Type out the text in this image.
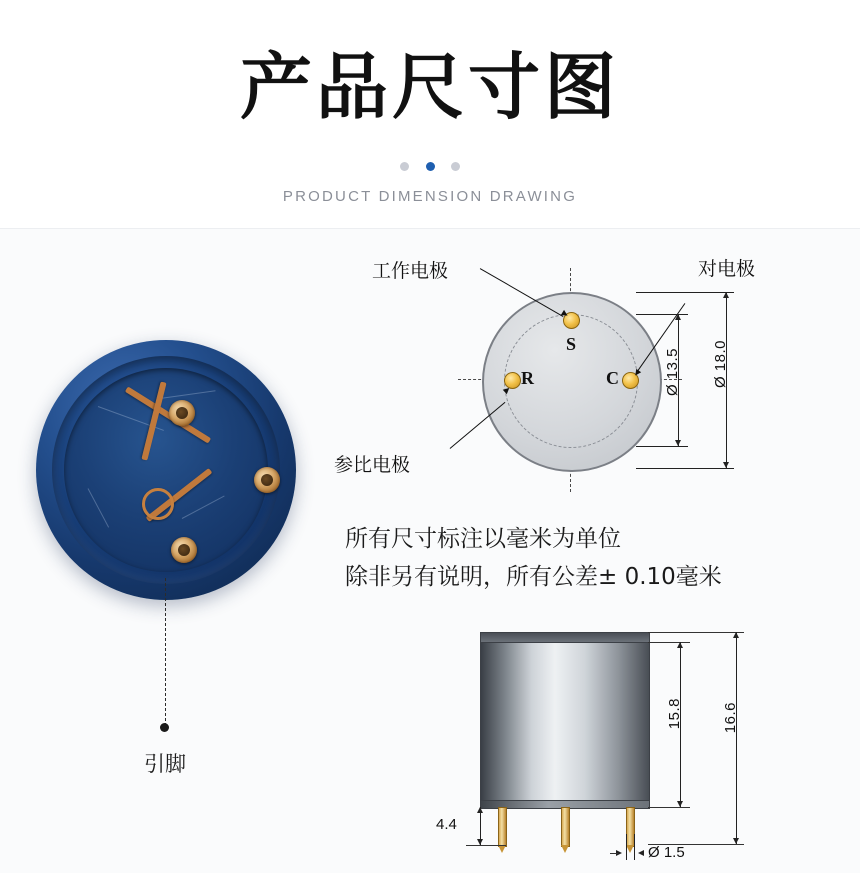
产品尺寸图

PRODUCT DIMENSION DRAWING
引脚
S
R	C
工作电极	对电极
参比电极
Ø 13.5 Ø 18.0
所有尺寸标注以毫米为单位
除非另有说明，所有公差± 0.10毫米
15.8	16.6
4.4
Ø 1.5
